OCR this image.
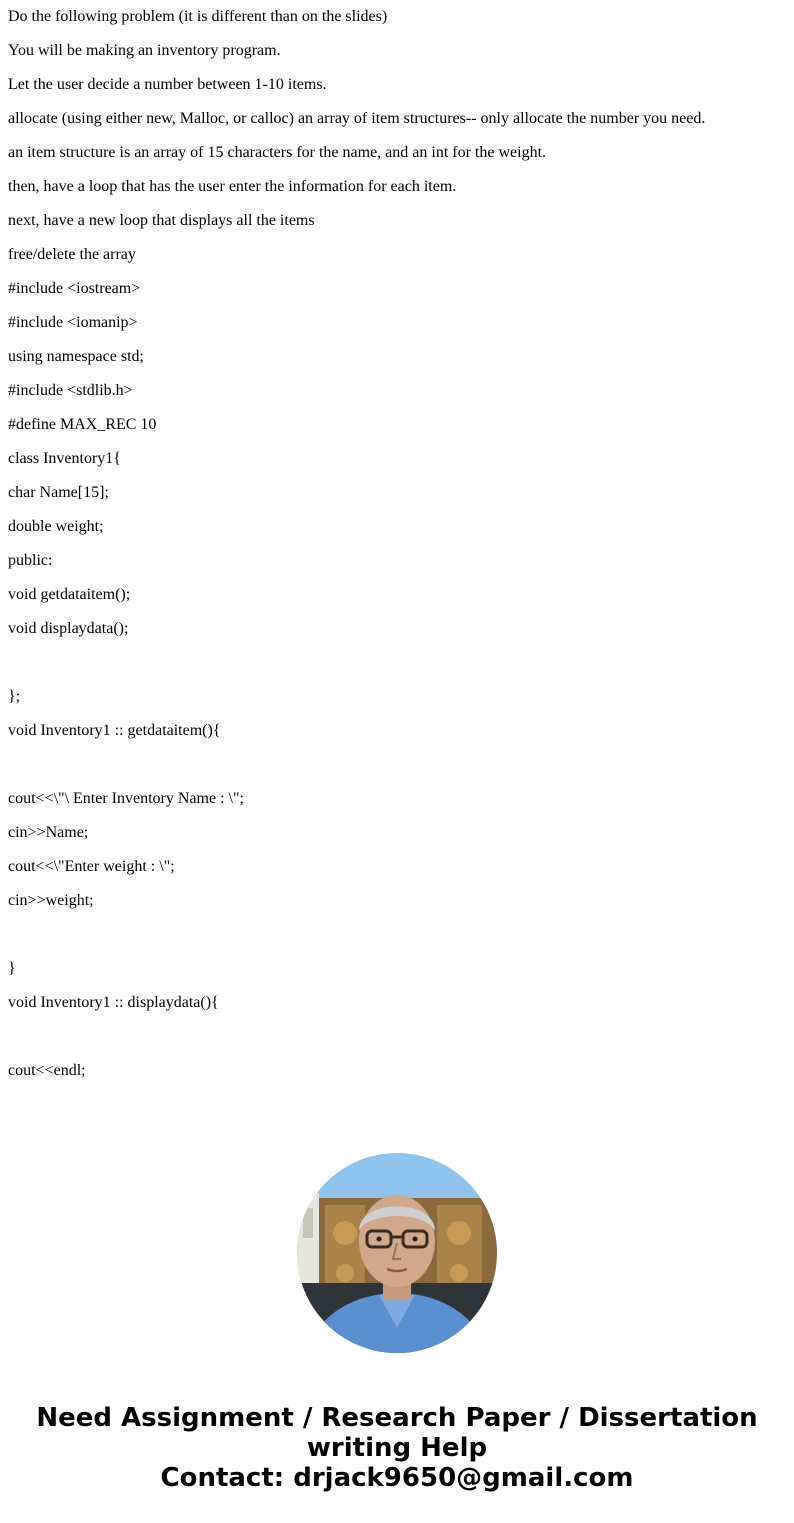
Do the following problem (it is different than on the slides)
You will be making an inventory program.
Let the user decide a number between 1-10 items.
allocate (using either new, Malloc, or calloc) an array of item structures-- only allocate the number you need.
an item structure is an array of 15 characters for the name, and an int for the weight.
then, have a loop that has the user enter the information for each item.
next, have a new loop that displays all the items
free/delete the array
#include <iostream>
#include <iomanip>
using namespace std;
#include <stdlib.h>
#define MAX_REC 10
class Inventory1{
char Name[15];
double weight;
public:
void getdataitem();
void displaydata();
};
void Inventory1 :: getdataitem(){
cout<<\"\ Enter Inventory Name : \";
cin>>Name;
cout<<\"Enter weight : \";
cin>>weight;
}
void Inventory1 :: displaydata(){
cout<<endl;
Need Assignment / Research Paper / Dissertation
writing Help
Contact: drjack9650@gmail.com
